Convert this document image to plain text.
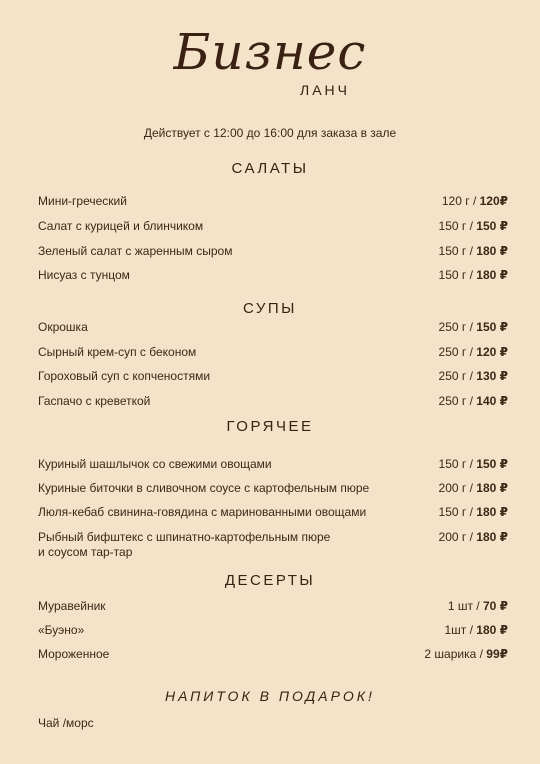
Бизнес
ЛАНЧ
Действует с 12:00 до 16:00 для заказа в зале
САЛАТЫ
Мини-греческий	120 г / 120₽
Салат с курицей и блинчиком	150 г / 150 ₽
Зеленый салат с жаренным сыром	150 г / 180 ₽
Нисуаз с тунцом	150 г / 180 ₽
СУПЫ
Окрошка	250 г / 150 ₽
Сырный крем-суп с беконом	250 г / 120 ₽
Гороховый суп с копченостями	250 г / 130 ₽
Гаспачо с креветкой	250 г / 140 ₽
ГОРЯЧЕЕ
Куриный шашлычок со свежими овощами	150 г / 150 ₽
Куриные биточки в сливочном соусе с картофельным пюре	200 г / 180 ₽
Люля-кебаб свинина-говядина с маринованными овощами	150 г / 180 ₽
Рыбный бифштекс с шпинатно-картофельным пюре	200 г / 180 ₽
и соусом тар-тар
ДЕСЕРТЫ
Муравейник	1 шт / 70 ₽
«Буэно»	1шт / 180 ₽
Мороженное	2 шарика / 99₽
НАПИТОК В ПОДАРОК!
Чай /морс
